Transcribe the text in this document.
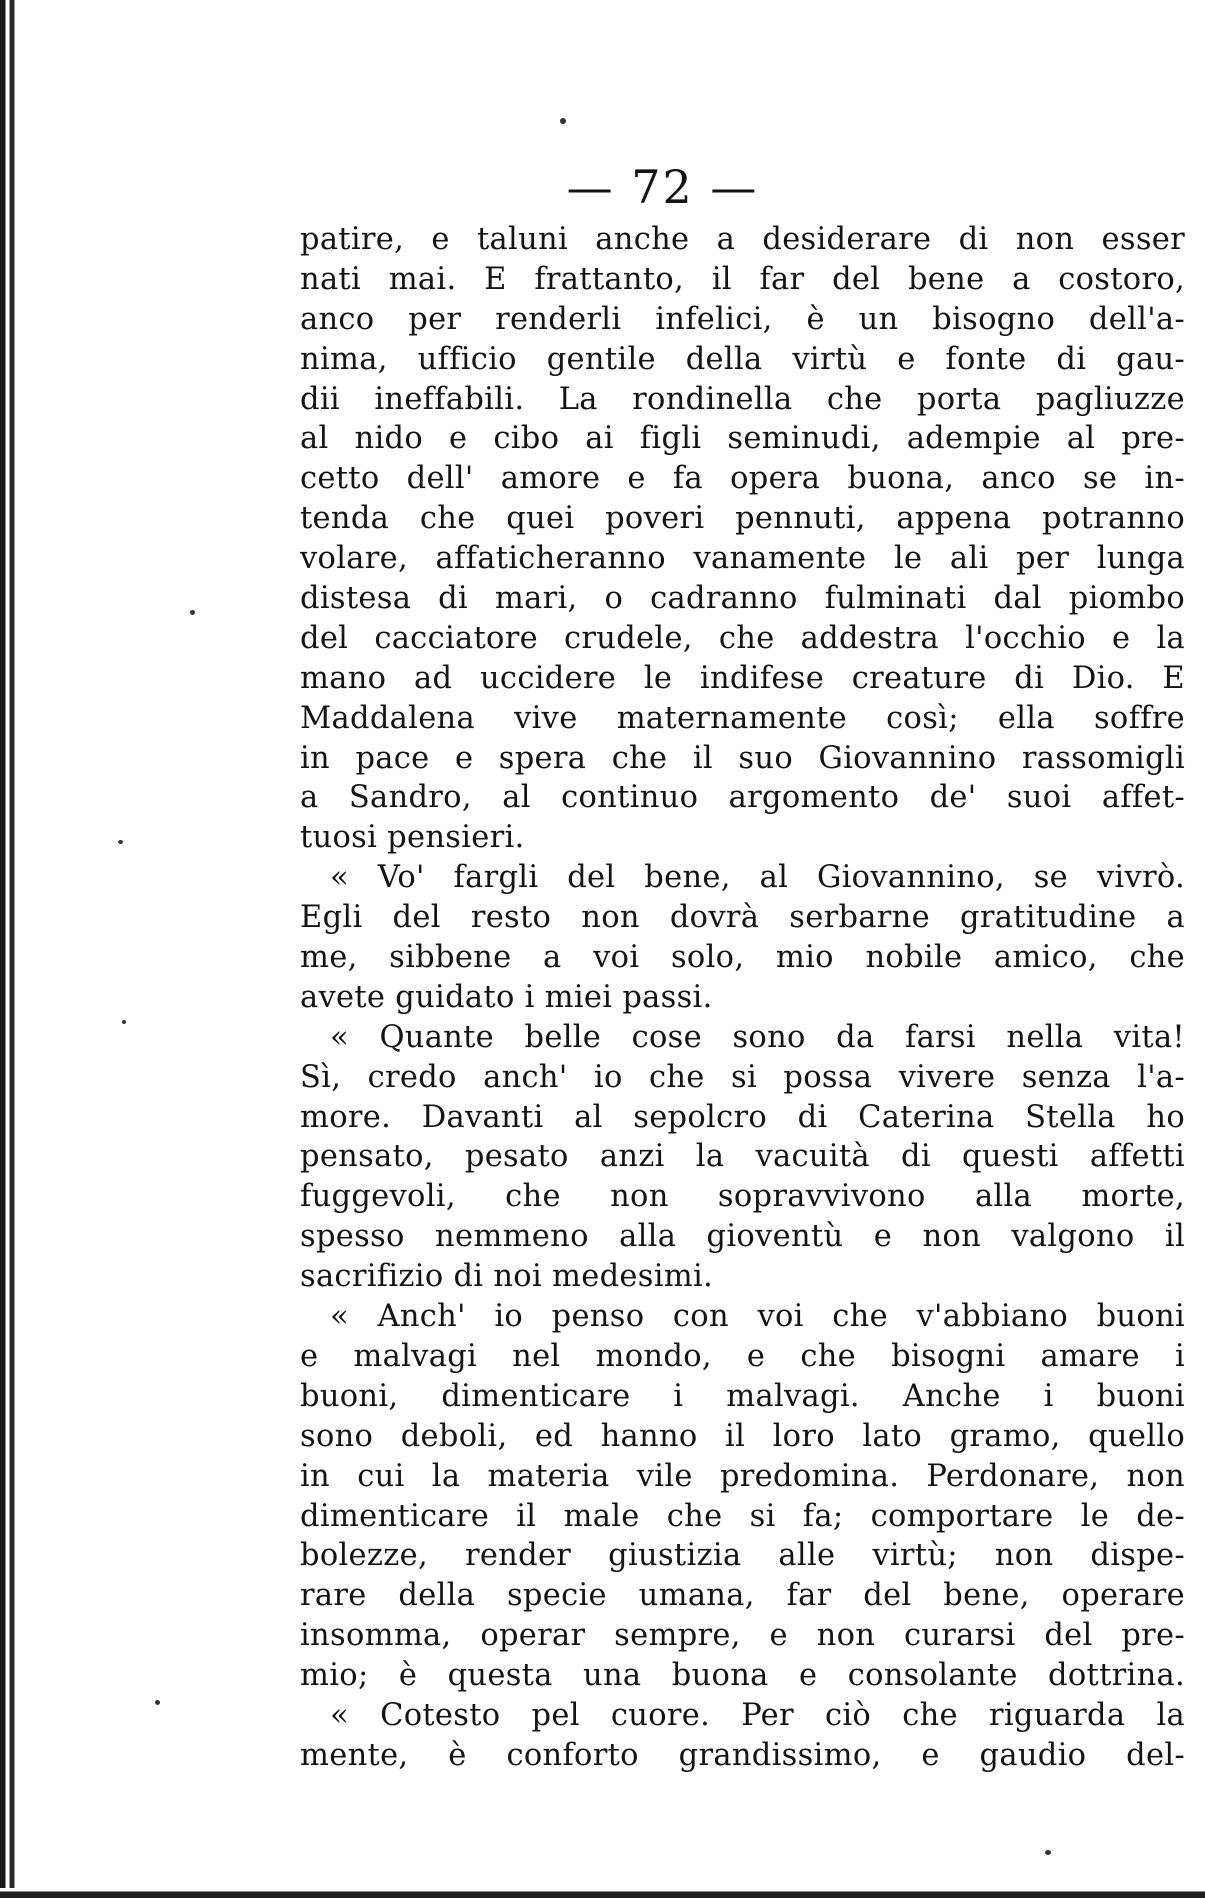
— 72 —
patire, e taluni anche a desiderare di non esser
nati mai. E frattanto, il far del bene a costoro,
anco per renderli infelici, è un bisogno dell'a-
nima, ufficio gentile della virtù e fonte di gau-
dii ineffabili. La rondinella che porta pagliuzze
al nido e cibo ai figli seminudi, adempie al pre-
cetto dell' amore e fa opera buona, anco se in-
tenda che quei poveri pennuti, appena potranno
volare, affaticheranno vanamente le ali per lunga
distesa di mari, o cadranno fulminati dal piombo
del cacciatore crudele, che addestra l'occhio e la
mano ad uccidere le indifese creature di Dio. E
Maddalena vive maternamente così; ella soffre
in pace e spera che il suo Giovannino rassomigli
a Sandro, al continuo argomento de' suoi affet-
tuosi pensieri.
« Vo' fargli del bene, al Giovannino, se vivrò.
Egli del resto non dovrà serbarne gratitudine a
me, sibbene a voi solo, mio nobile amico, che
avete guidato i miei passi.
« Quante belle cose sono da farsi nella vita!
Sì, credo anch' io che si possa vivere senza l'a-
more. Davanti al sepolcro di Caterina Stella ho
pensato, pesato anzi la vacuità di questi affetti
fuggevoli, che non sopravvivono alla morte,
spesso nemmeno alla gioventù e non valgono il
sacrifizio di noi medesimi.
« Anch' io penso con voi che v'abbiano buoni
e malvagi nel mondo, e che bisogni amare i
buoni, dimenticare i malvagi. Anche i buoni
sono deboli, ed hanno il loro lato gramo, quello
in cui la materia vile predomina. Perdonare, non
dimenticare il male che si fa; comportare le de-
bolezze, render giustizia alle virtù; non dispe-
rare della specie umana, far del bene, operare
insomma, operar sempre, e non curarsi del pre-
mio; è questa una buona e consolante dottrina.
« Cotesto pel cuore. Per ciò che riguarda la
mente, è conforto grandissimo, e gaudio del-
